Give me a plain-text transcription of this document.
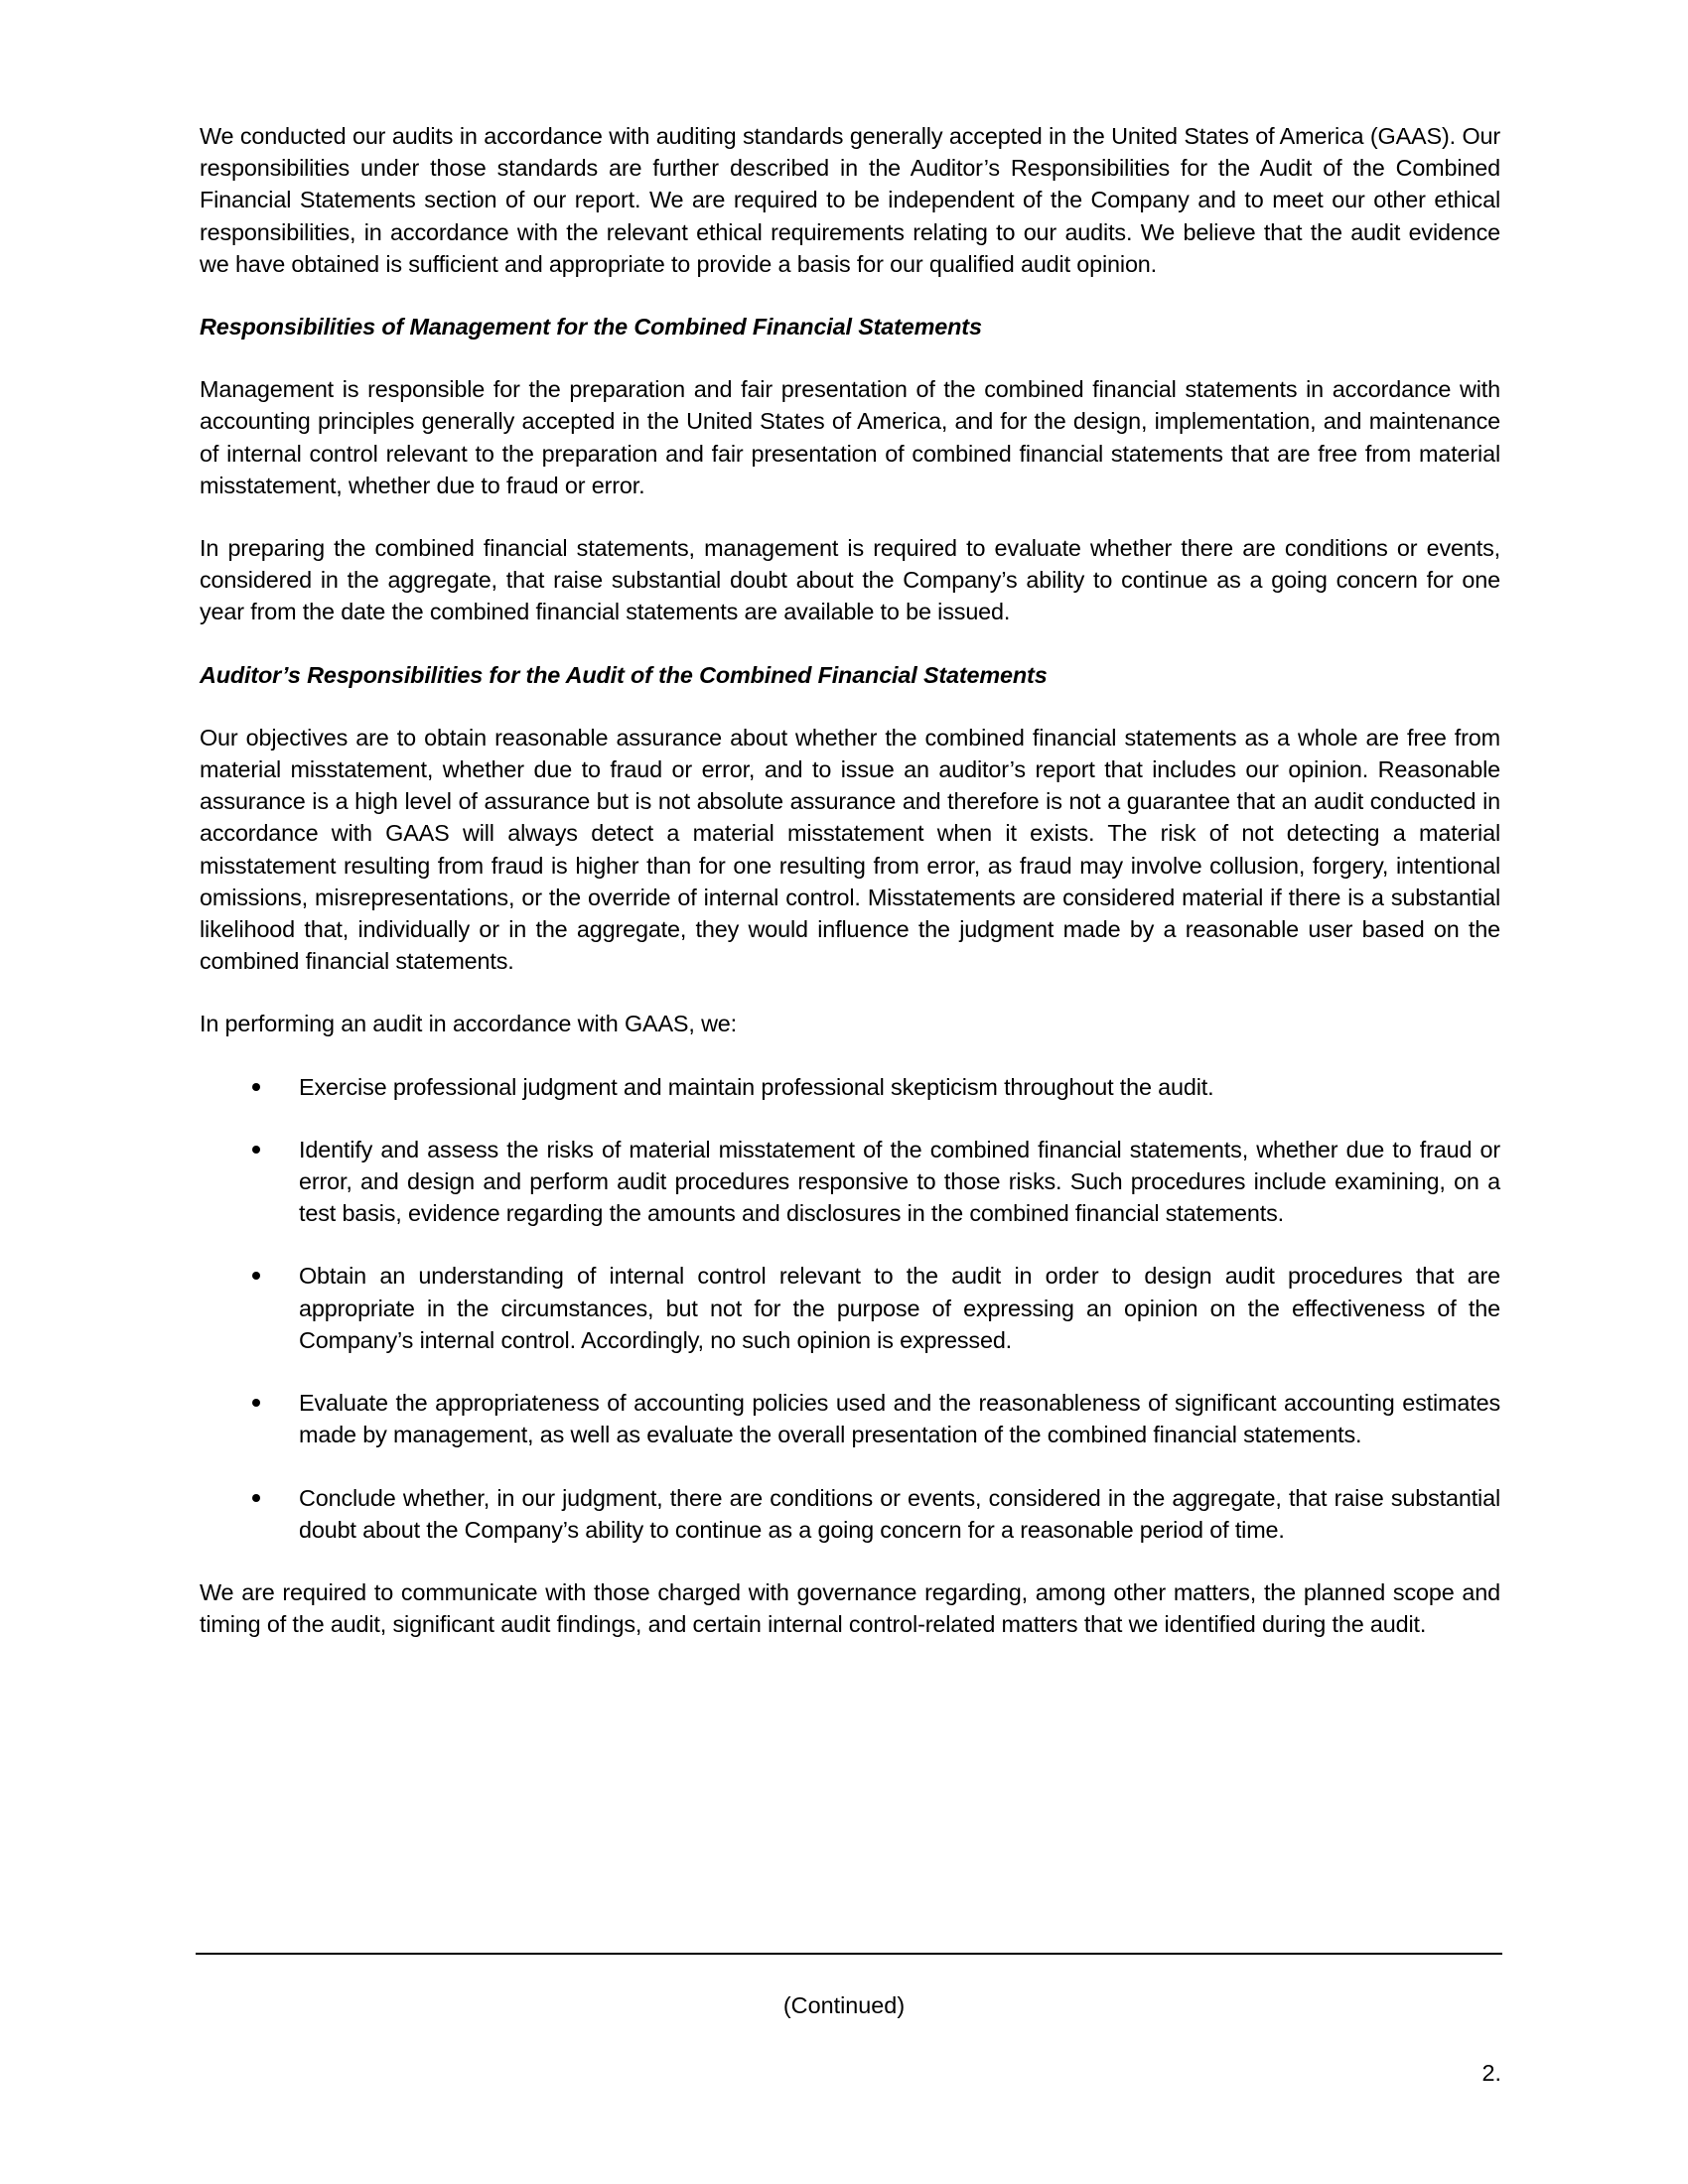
We conducted our audits in accordance with auditing standards generally accepted in the United States of America (GAAS). Our responsibilities under those standards are further described in the Auditor’s Responsibilities for the Audit of the Combined Financial Statements section of our report. We are required to be independent of the Company and to meet our other ethical responsibilities, in accordance with the relevant ethical requirements relating to our audits. We believe that the audit evidence we have obtained is sufficient and appropriate to provide a basis for our qualified audit opinion.

Responsibilities of Management for the Combined Financial Statements

Management is responsible for the preparation and fair presentation of the combined financial statements in accordance with accounting principles generally accepted in the United States of America, and for the design, implementation, and maintenance of internal control relevant to the preparation and fair presentation of combined financial statements that are free from material misstatement, whether due to fraud or error.

In preparing the combined financial statements, management is required to evaluate whether there are conditions or events, considered in the aggregate, that raise substantial doubt about the Company’s ability to continue as a going concern for one year from the date the combined financial statements are available to be issued.

Auditor’s Responsibilities for the Audit of the Combined Financial Statements

Our objectives are to obtain reasonable assurance about whether the combined financial statements as a whole are free from material misstatement, whether due to fraud or error, and to issue an auditor’s report that includes our opinion. Reasonable assurance is a high level of assurance but is not absolute assurance and therefore is not a guarantee that an audit conducted in accordance with GAAS will always detect a material misstatement when it exists. The risk of not detecting a material misstatement resulting from fraud is higher than for one resulting from error, as fraud may involve collusion, forgery, intentional omissions, misrepresentations, or the override of internal control. Misstatements are considered material if there is a substantial likelihood that, individually or in the aggregate, they would influence the judgment made by a reasonable user based on the combined financial statements.

In performing an audit in accordance with GAAS, we:

Exercise professional judgment and maintain professional skepticism throughout the audit.
Identify and assess the risks of material misstatement of the combined financial statements, whether due to fraud or error, and design and perform audit procedures responsive to those risks. Such procedures include examining, on a test basis, evidence regarding the amounts and disclosures in the combined financial statements.
Obtain an understanding of internal control relevant to the audit in order to design audit procedures that are appropriate in the circumstances, but not for the purpose of expressing an opinion on the effectiveness of the Company’s internal control. Accordingly, no such opinion is expressed.
Evaluate the appropriateness of accounting policies used and the reasonableness of significant accounting estimates made by management, as well as evaluate the overall presentation of the combined financial statements.
Conclude whether, in our judgment, there are conditions or events, considered in the aggregate, that raise substantial doubt about the Company’s ability to continue as a going concern for a reasonable period of time.

We are required to communicate with those charged with governance regarding, among other matters, the planned scope and timing of the audit, significant audit findings, and certain internal control-related matters that we identified during the audit.

(Continued)
2.
